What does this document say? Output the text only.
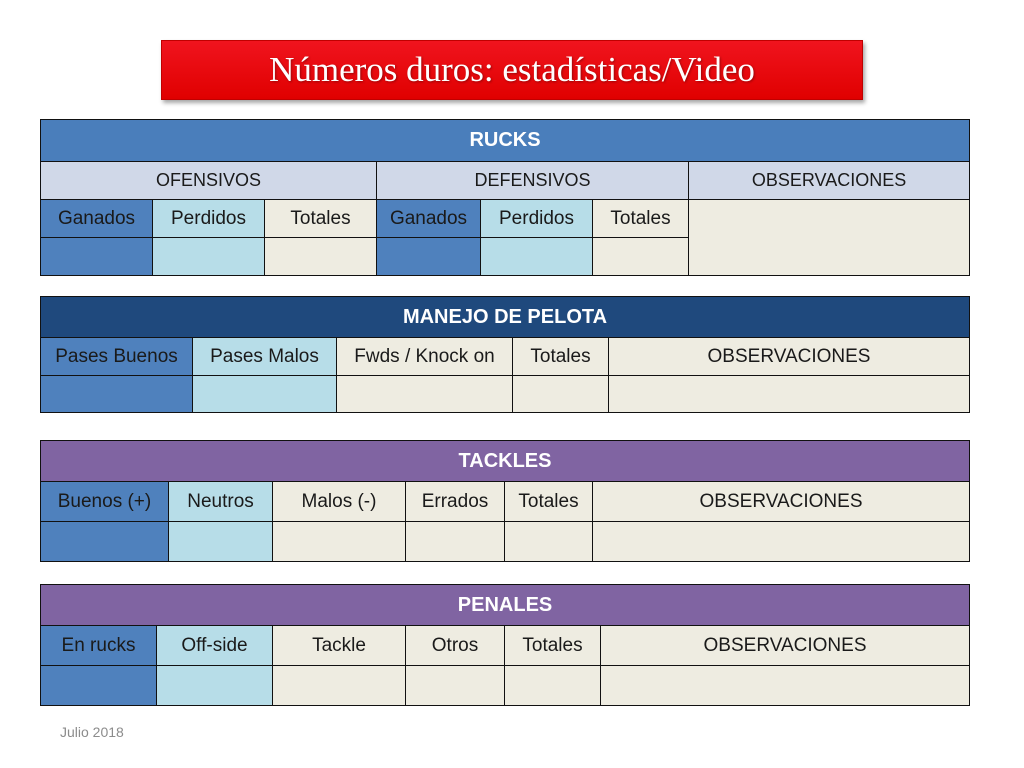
Números duros: estadísticas/Video
RUCKS						
OFENSIVOS			DEFENSIVOS			OBSERVACIONES
Ganados	Perdidos	Totales	Ganados	Perdidos	Totales	

MANEJO DE PELOTA				
Pases Buenos	Pases Malos	Fwds / Knock on	Totales	OBSERVACIONES

TACKLES					
Buenos (+)	Neutros	Malos (-)	Errados	Totales	OBSERVACIONES

PENALES					
En rucks	Off-side	Tackle	Otros	Totales	OBSERVACIONES

Julio 2018
